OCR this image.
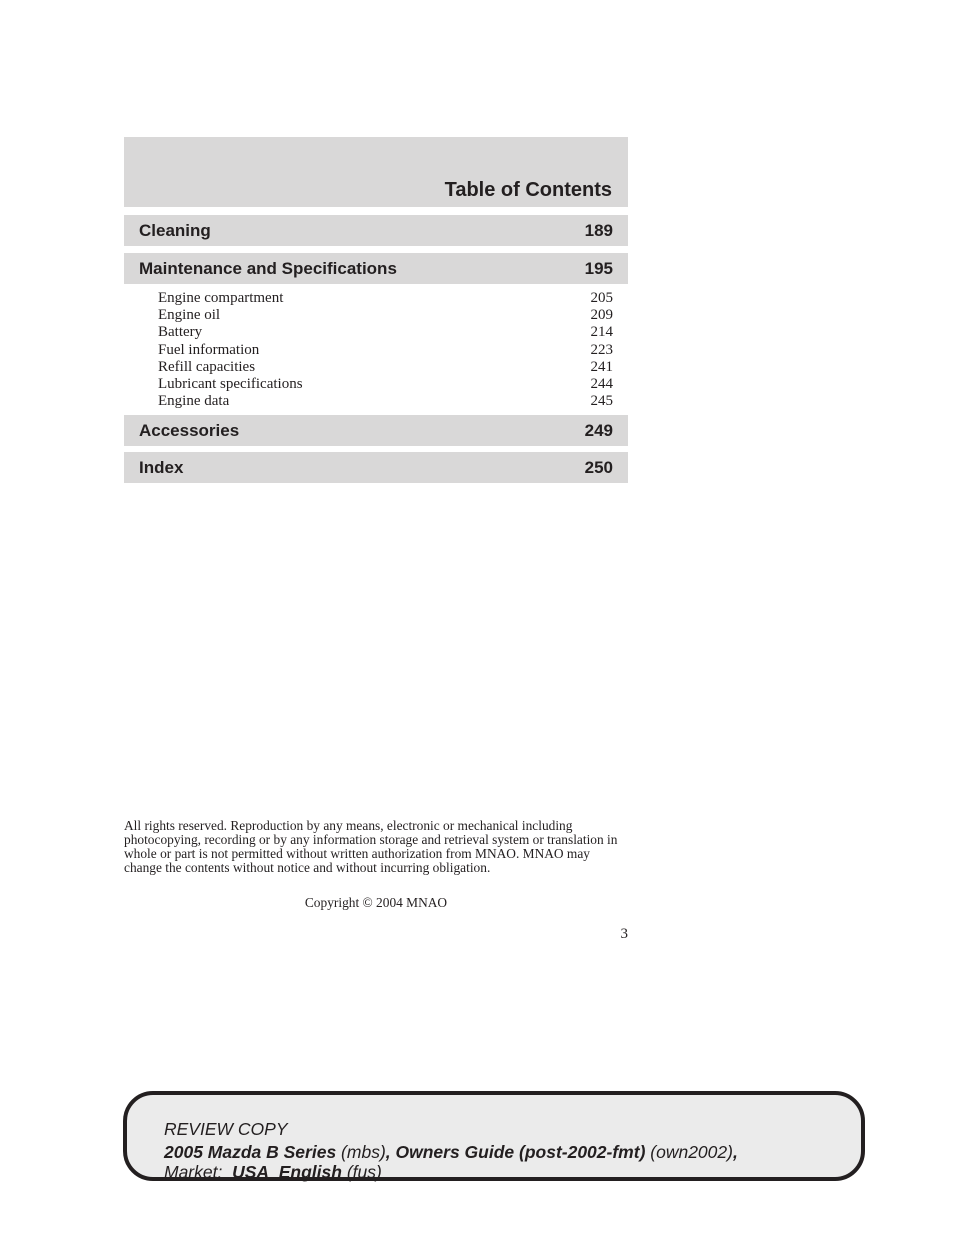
Table of Contents
Cleaning	189
Maintenance and Specifications	195
Engine compartment	205
Engine oil	209
Battery	214
Fuel information	223
Refill capacities	241
Lubricant specifications	244
Engine data	245
Accessories	249
Index	250
All rights reserved. Reproduction by any means, electronic or mechanical including photocopying, recording or by any information storage and retrieval system or translation in whole or part is not permitted without written authorization from MNAO. MNAO may change the contents without notice and without incurring obligation.
Copyright © 2004 MNAO
3
REVIEW COPY
2005 Mazda B Series (mbs), Owners Guide (post-2002-fmt) (own2002),
Market:  USA_English (fus)
